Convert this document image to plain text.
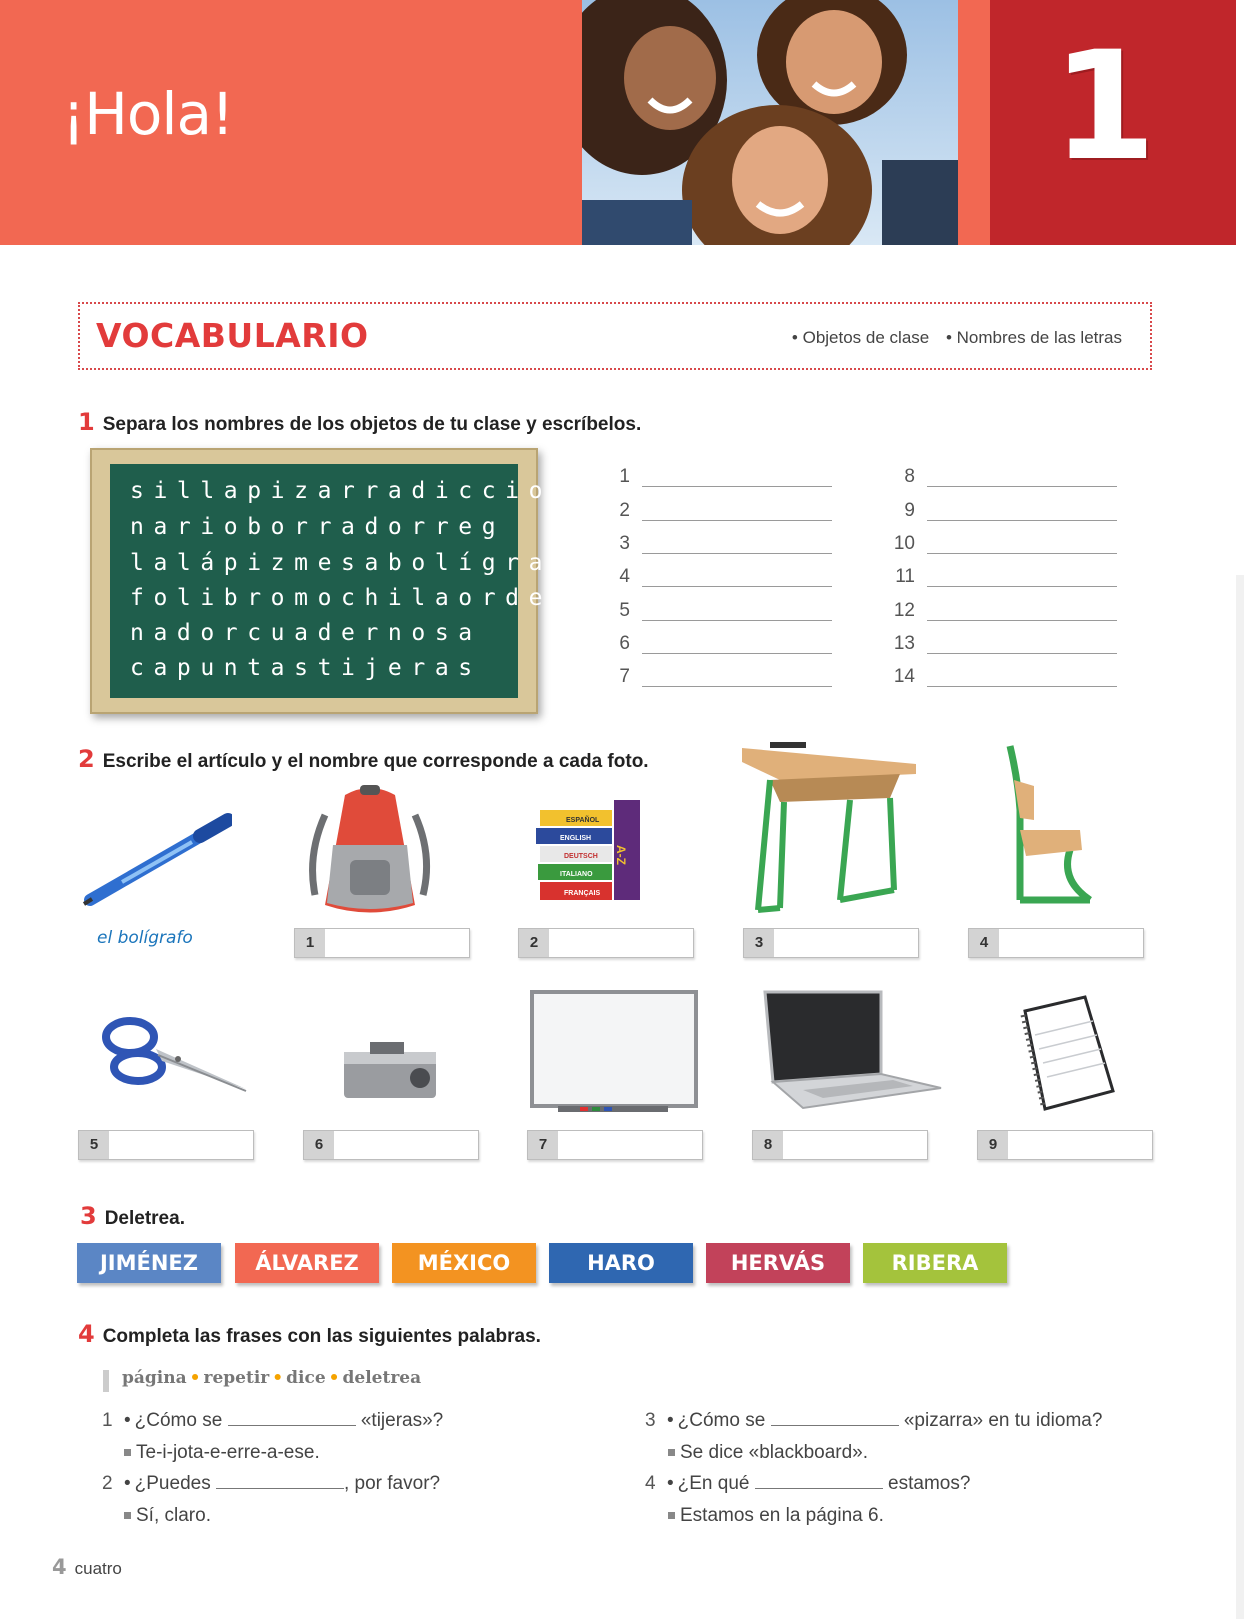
¡Hola!	1
VOCABULARIO	• Objetos de clase • Nombres de las letras
1 Separa los nombres de los objetos de tu clase y escríbelos.
sillapizarradiccio
narioborradorreg
lalápizmesabolígra
folibromochilaorde
nadorcuadernosa
capuntastijeras
1
2
3
4
5
6
7
8
9
10
11
12
13
14
2 Escribe el artículo y el nombre que corresponde a cada foto.
el bolígrafo
ESPAÑOL
ENGLISH
DEUTSCH
ITALIANO
FRANÇAIS
A-Z
1	2	3	4
5	6	7	8	9
3 Deletrea.
JIMÉNEZ	ÁLVAREZ	MÉXICO	HARO	HERVÁS	RIBERA
4 Completa las frases con las siguientes palabras.
página • repetir • dice • deletrea
1 • ¿Cómo se	«tijeras»?
Te-i-jota-e-erre-a-ese.
2 • ¿Puedes	, por favor?
Sí, claro.
3 • ¿Cómo se	«pizarra» en tu idioma?
Se dice «blackboard».
4 • ¿En qué	estamos?
Estamos en la página 6.
4 cuatro
